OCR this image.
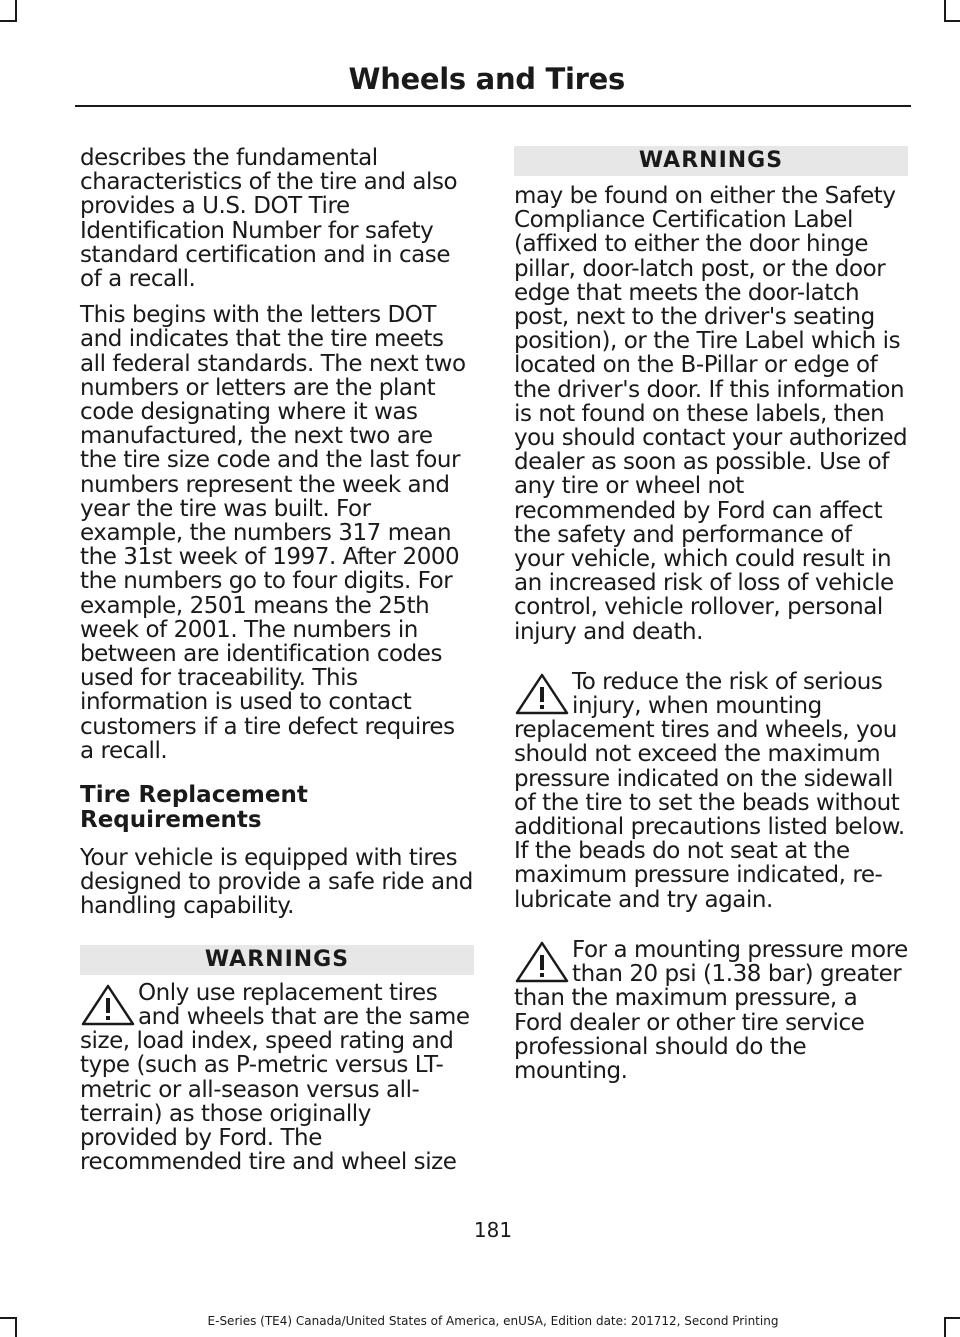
Wheels and Tires

describes the fundamental characteristics of the tire and also provides a U.S. DOT Tire Identification Number for safety standard certification and in case of a recall.

This begins with the letters DOT and indicates that the tire meets all federal standards. The next two numbers or letters are the plant code designating where it was manufactured, the next two are the tire size code and the last four numbers represent the week and year the tire was built. For example, the numbers 317 mean the 31st week of 1997. After 2000 the numbers go to four digits. For example, 2501 means the 25th week of 2001. The numbers in between are identification codes used for traceability. This information is used to contact customers if a tire defect requires a recall.

Tire Replacement Requirements

Your vehicle is equipped with tires designed to provide a safe ride and handling capability.

WARNINGS
Only use replacement tires and wheels that are the same size, load index, speed rating and type (such as P-metric versus LT-metric or all-season versus all-terrain) as those originally provided by Ford. The recommended tire and wheel size
WARNINGS
may be found on either the Safety Compliance Certification Label (affixed to either the door hinge pillar, door-latch post, or the door edge that meets the door-latch post, next to the driver's seating position), or the Tire Label which is located on the B-Pillar or edge of the driver's door. If this information is not found on these labels, then you should contact your authorized dealer as soon as possible. Use of any tire or wheel not recommended by Ford can affect the safety and performance of your vehicle, which could result in an increased risk of loss of vehicle control, vehicle rollover, personal injury and death.
To reduce the risk of serious injury, when mounting replacement tires and wheels, you should not exceed the maximum pressure indicated on the sidewall of the tire to set the beads without additional precautions listed below. If the beads do not seat at the maximum pressure indicated, re-lubricate and try again.
For a mounting pressure more than 20 psi (1.38 bar) greater than the maximum pressure, a Ford dealer or other tire service professional should do the mounting.
181
E-Series (TE4) Canada/United States of America, enUSA, Edition date: 201712, Second Printing
